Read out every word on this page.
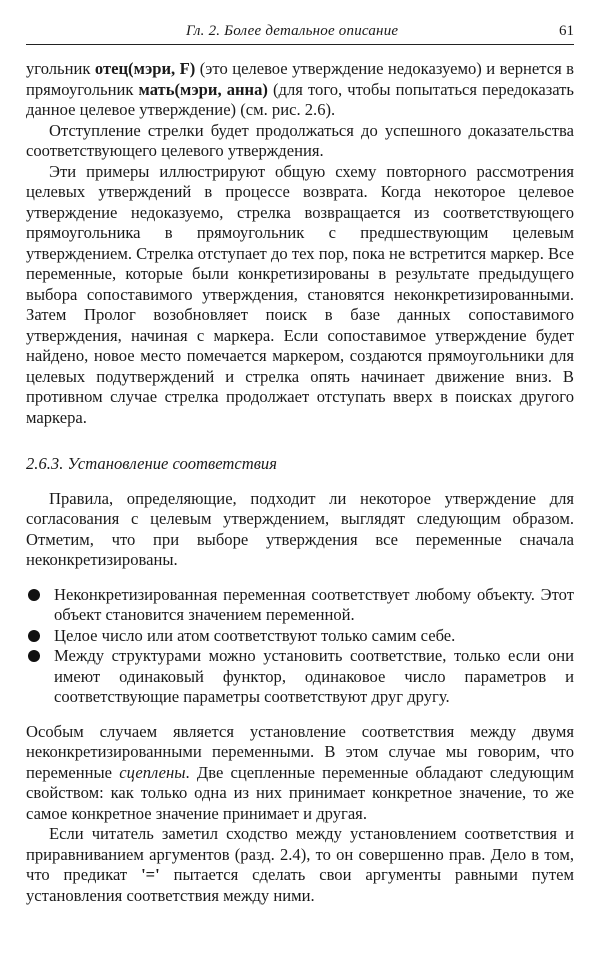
Гл. 2. Более детальное описание	61

угольник отец(мэри, F) (это целевое утверждение недоказуемо) и вернется в прямоугольник мать(мэри, анна) (для того, чтобы попытаться передоказать данное целевое утверждение) (см. рис. 2.6).

Отступление стрелки будет продолжаться до успешного доказательства соответствующего целевого утверждения.

Эти примеры иллюстрируют общую схему повторного рассмотрения целевых утверждений в процессе возврата. Когда некоторое целевое утверждение недоказуемо, стрелка возвращается из соответствующего прямоугольника в прямоугольник с предшествующим целевым утверждением. Стрелка отступает до тех пор, пока не встретится маркер. Все переменные, которые были конкретизированы в результате предыдущего выбора сопоставимого утверждения, становятся неконкретизированными. Затем Пролог возобновляет поиск в базе данных сопоставимого утверждения, начиная с маркера. Если сопоставимое утверждение будет найдено, новое место помечается маркером, создаются прямоугольники для целевых подутверждений и стрелка опять начинает движение вниз. В противном случае стрелка продолжает отступать вверх в поисках другого маркера.

2.6.3. Установление соответствия

Правила, определяющие, подходит ли некоторое утверждение для согласования с целевым утверждением, выглядят следующим образом. Отметим, что при выборе утверждения все переменные сначала неконкретизированы.

Неконкретизированная переменная соответствует любому объекту. Этот объект становится значением переменной.
Целое число или атом соответствуют только самим себе.
Между структурами можно установить соответствие, только если они имеют одинаковый функтор, одинаковое число параметров и соответствующие параметры соответствуют друг другу.

Особым случаем является установление соответствия между двумя неконкретизированными переменными. В этом случае мы говорим, что переменные сцеплены. Две сцепленные переменные обладают следующим свойством: как только одна из них принимает конкретное значение, то же самое конкретное значение принимает и другая.

Если читатель заметил сходство между установлением соответствия и приравниванием аргументов (разд. 2.4), то он совершенно прав. Дело в том, что предикат '=' пытается сделать свои аргументы равными путем установления соответствия между ними.
